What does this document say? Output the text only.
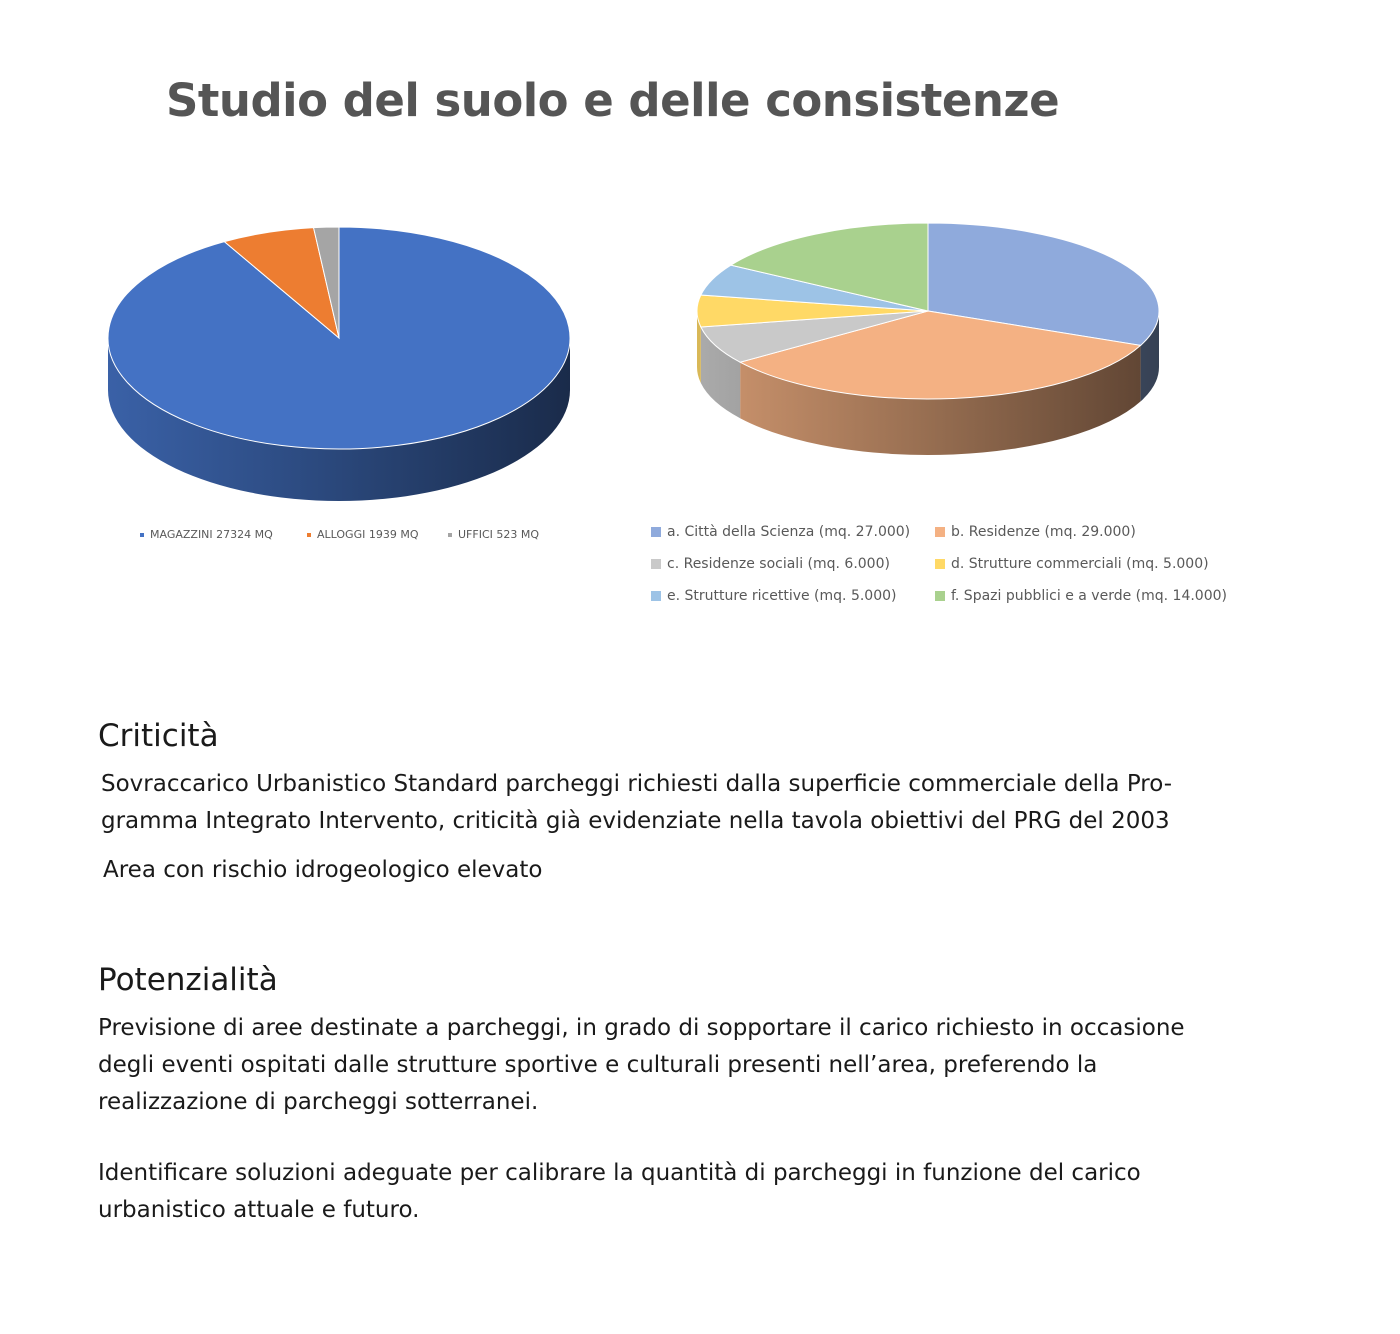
Studio del suolo e delle consistenze
MAGAZZINI 27324 MQ	ALLOGGI 1939 MQ	UFFICI 523 MQ	a. Città della Scienza (mq. 27.000)	b. Residenze (mq. 29.000)
c. Residenze sociali (mq. 6.000)	d. Strutture commerciali (mq. 5.000)
e. Strutture ricettive (mq. 5.000)	f. Spazi pubblici e a verde (mq. 14.000)
Criticità

Sovraccarico Urbanistico Standard parcheggi richiesti dalla superficie commerciale della Pro-

gramma Integrato Intervento, criticità già evidenziate nella tavola obiettivi del PRG del 2003

Area con rischio idrogeologico elevato

Potenzialità

Previsione di aree destinate a parcheggi, in grado di sopportare il carico richiesto in occasione

degli eventi ospitati dalle strutture sportive e culturali presenti nell’area, preferendo la

realizzazione di parcheggi sotterranei.

Identificare soluzioni adeguate per calibrare la quantità di parcheggi in funzione del carico

urbanistico attuale e futuro.
